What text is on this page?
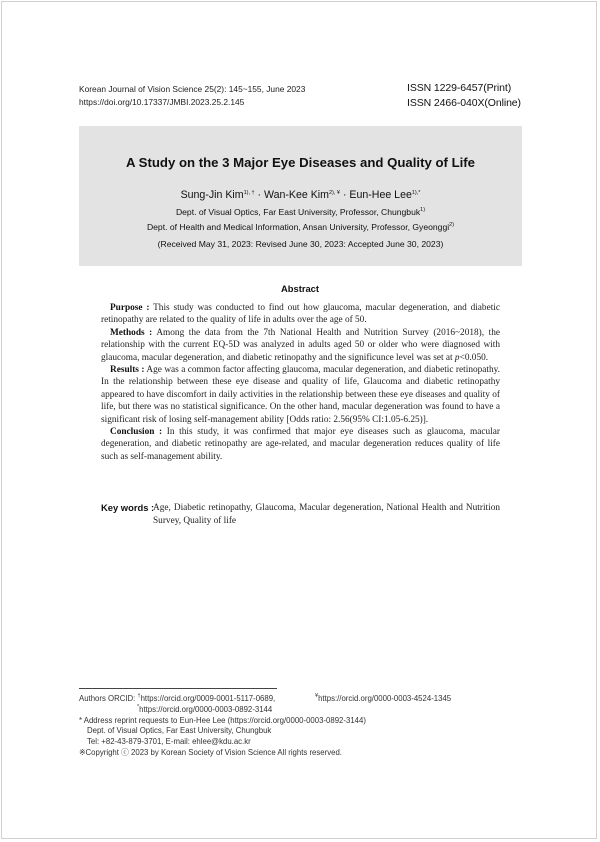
Korean Journal of Vision Science 25(2): 145~155, June 2023
https://doi.org/10.17337/JMBI.2023.25.2.145
ISSN 1229-6457(Print)
ISSN 2466-040X(Online)
A Study on the 3 Major Eye Diseases and Quality of Life
Sung-Jin Kim$^{1), \dagger}$ · Wan-Kee Kim$^{2), ¥}$ · Eun-Hee Lee$^{1),*}$
Dept. of Visual Optics, Far East University, Professor, Chungbuk$^{1)}$
Dept. of Health and Medical Information, Ansan University, Professor, Gyeonggi$^{2)}$
(Received May 31, 2023: Revised June 30, 2023: Accepted June 30, 2023)
Abstract

Purpose : This study was conducted to find out how glaucoma, macular degeneration, and diabetic retinopathy are related to the quality of life in adults over the age of 50.

Methods : Among the data from the 7th National Health and Nutrition Survey (2016~2018), the relationship with the current EQ-5D was analyzed in adults aged 50 or older who were diagnosed with glaucoma, macular degeneration, and diabetic retinopathy and the significunce level was set at p<0.050.

Results : Age was a common factor affecting glaucoma, macular degeneration, and diabetic retinopathy. In the relationship between these eye disease and quality of life, Glaucoma and diabetic retinopathy appeared to have discomfort in daily activities in the relationship between these eye diseases and quality of life, but there was no statistical significance. On the other hand, macular degeneration was found to have a significant risk of losing self-management ability [Odds ratio: 2.56(95% CI:1.05-6.25)].

Conclusion : In this study, it was confirmed that major eye diseases such as glaucoma, macular degeneration, and diabetic retinopathy are age-related, and macular degeneration reduces quality of life such as self-management ability.

Key words :
Age, Diabetic retinopathy, Glaucoma, Macular degeneration, National Health and Nutrition Survey, Quality of life
Authors ORCID: †https://orcid.org/0009-0001-5117-0689,	¥https://orcid.org/0000-0003-4524-1345
*https://orcid.org/0000-0003-0892-3144
* Address reprint requests to Eun-Hee Lee (https://orcid.org/0000-0003-0892-3144)
Dept. of Visual Optics, Far East University, Chungbuk
Tel: +82-43-879-3701, E-mail: ehlee@kdu.ac.kr
※Copyright ⓒ 2023 by Korean Society of Vision Science All rights reserved.
